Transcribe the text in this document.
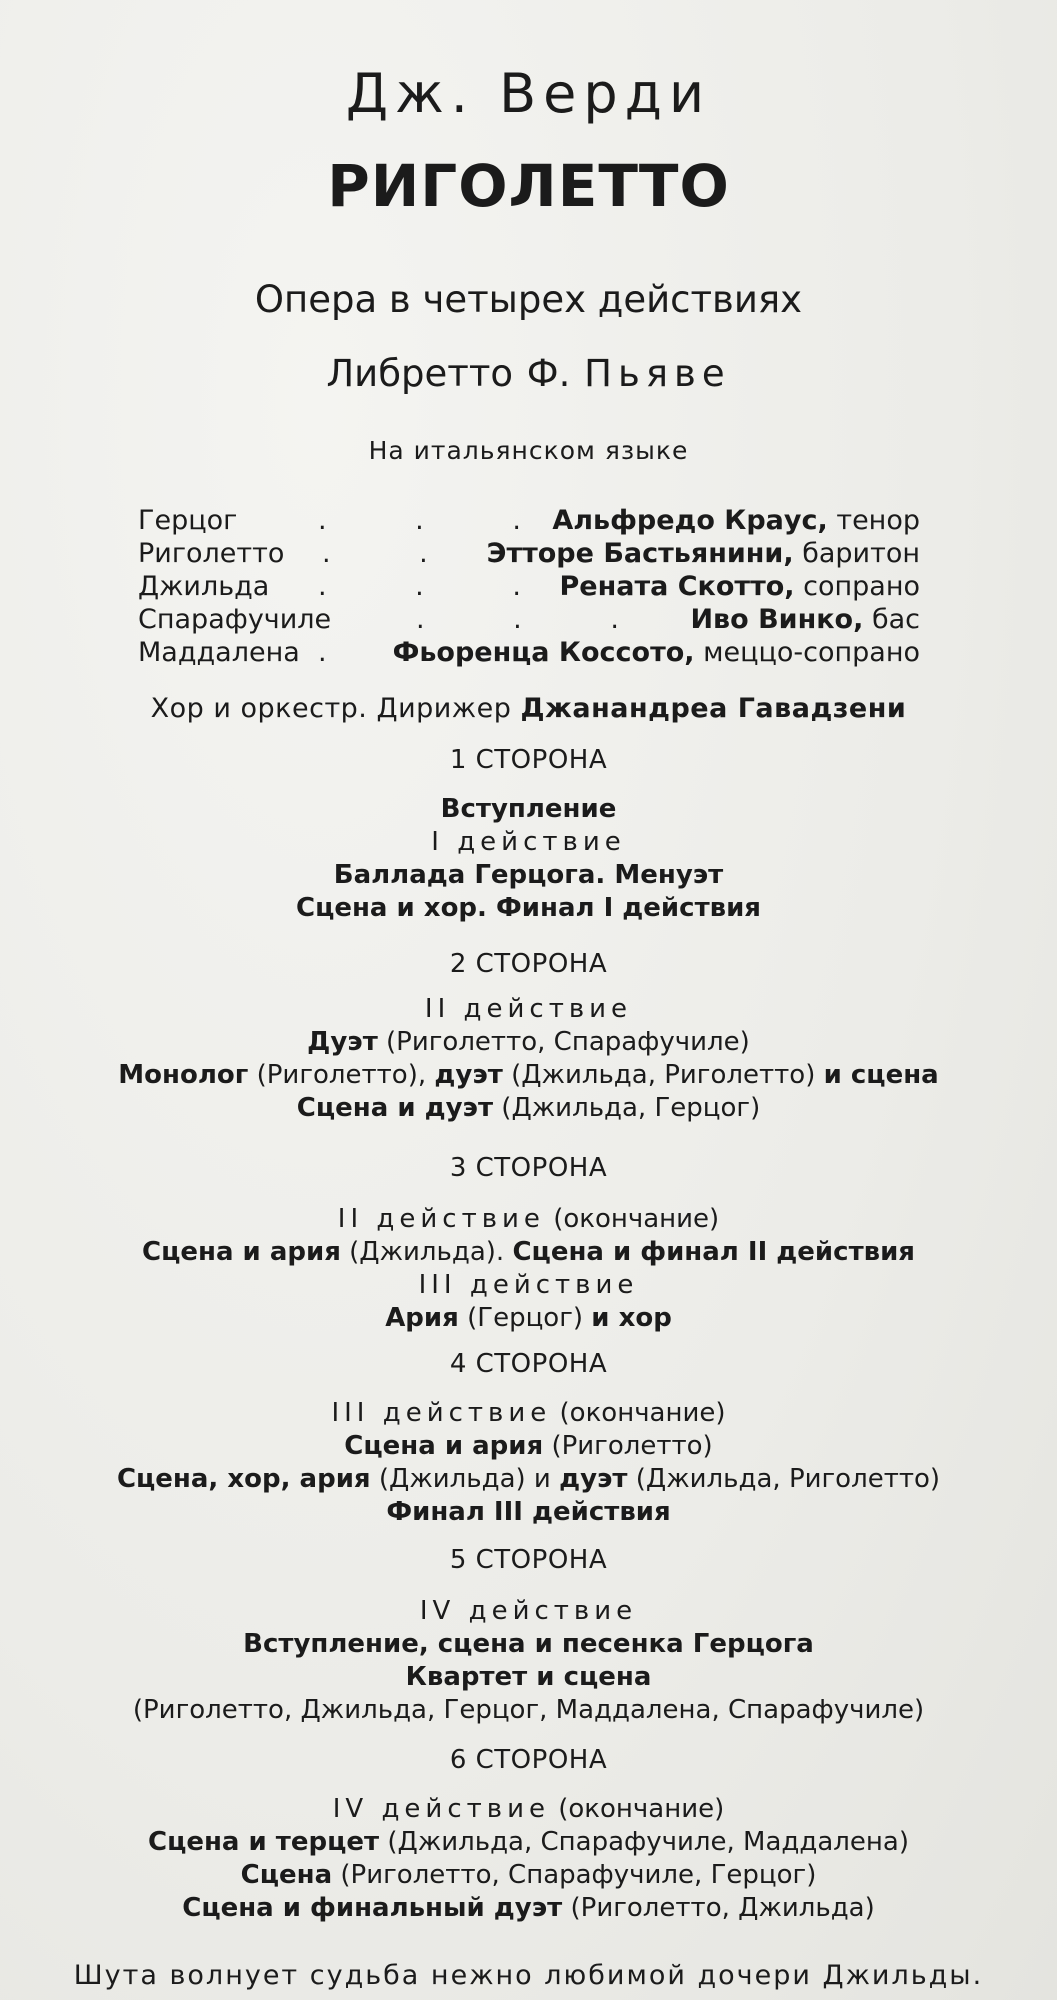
Дж. Верди
РИГОЛЕТТО
Опера в четырех действиях
Либретто Ф. Пьяве
На итальянском языке
Герцог	. . .
Альфредо Краус, тенор
Риголетто . . Этторе Бастьянини, баритон
Джильда . . .
Рената Скотто, сопрано
Спарафучиле	. . . Иво Винко, бас
Маддалена . Фьоренца Коссото, меццо-сопрано
Хор и оркестр. Дирижер Джанандреа Гавадзени
1 СТОРОНА
Вступление
I действие
Баллада Герцога. Менуэт
Сцена и хор. Финал I действия
2 СТОРОНА
II действие
Дуэт (Риголетто, Спарафучиле)
Монолог (Риголетто), дуэт (Джильда, Риголетто) и сцена
Сцена и дуэт (Джильда, Герцог)
3 СТОРОНА
II действие (окончание)
Сцена и ария (Джильда). Сцена и финал II действия
III действие
Ария (Герцог) и хор
4 СТОРОНА
III действие (окончание)
Сцена и ария (Риголетто)
Сцена, хор, ария (Джильда) и дуэт (Джильда, Риголетто)
Финал III действия
5 СТОРОНА
IV действие
Вступление, сцена и песенка Герцога
Квартет и сцена
(Риголетто, Джильда, Герцог, Маддалена, Спарафучиле)
6 СТОРОНА
IV действие (окончание)
Сцена и терцет (Джильда, Спарафучиле, Маддалена)
Сцена (Риголетто, Спарафучиле, Герцог)
Сцена и финальный дуэт (Риголетто, Джильда)
Шута волнует судьба нежно любимой дочери Джильды.
